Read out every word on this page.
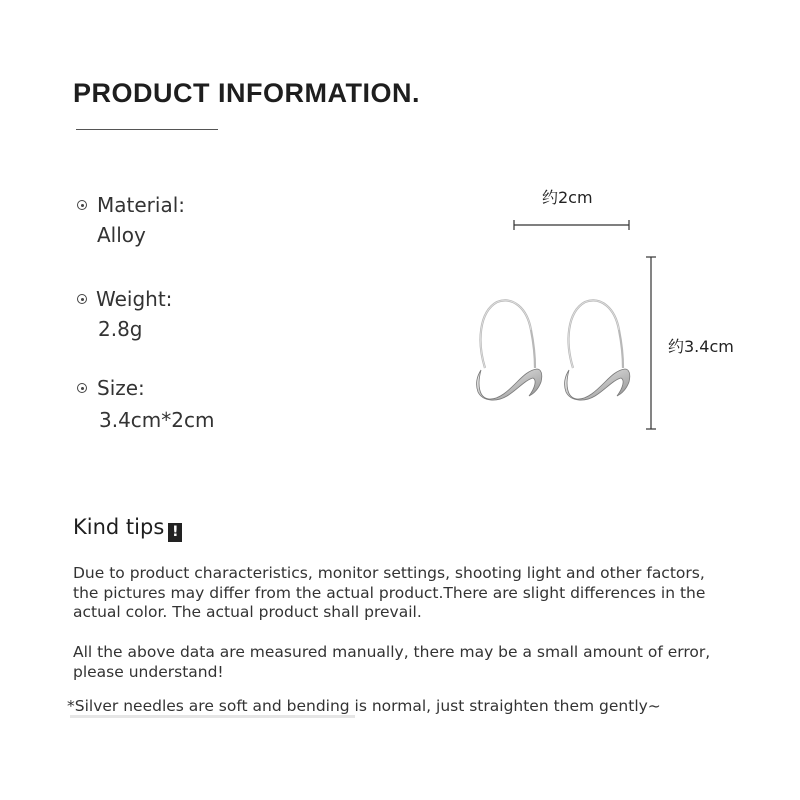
PRODUCT INFORMATION.
Material:
Alloy
Weight:
2.8g
Size:
3.4cm*2cm
约2cm
约3.4cm
Kind tips !
Due to product characteristics, monitor settings, shooting light and other factors, the pictures may differ from the actual product.There are slight differences in the actual color. The actual product shall prevail.
All the above data are measured manually, there may be a small amount of error, please understand!
*Silver needles are soft and bending is normal, just straighten them gently~
